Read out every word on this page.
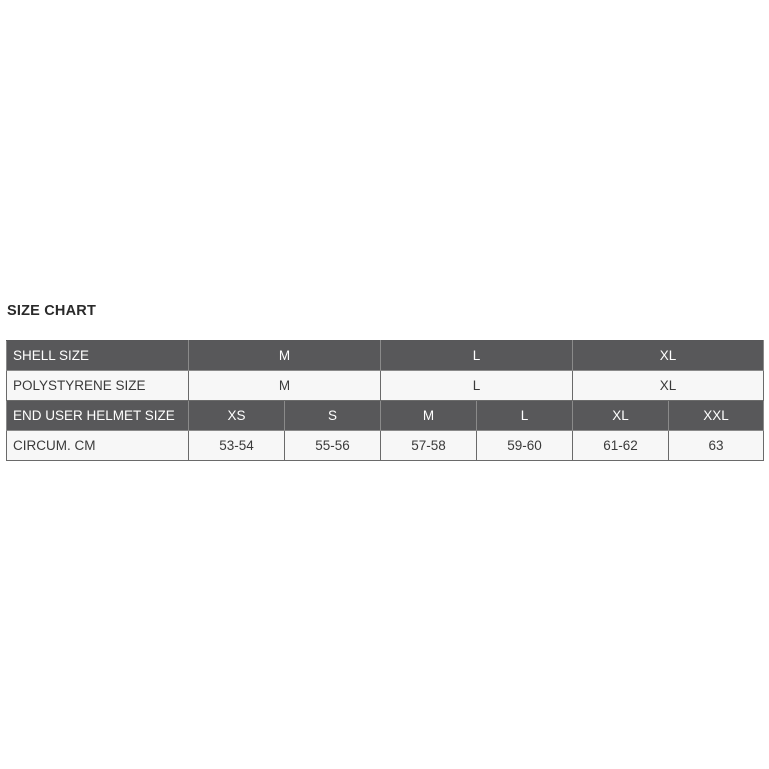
SIZE CHART
SHELL SIZE	M		L		XL	
POLYSTYRENE SIZE	M		L		XL	
END USER HELMET SIZE	XS	S	M	L	XL	XXL
CIRCUM. CM	53-54	55-56	57-58	59-60	61-62	63
